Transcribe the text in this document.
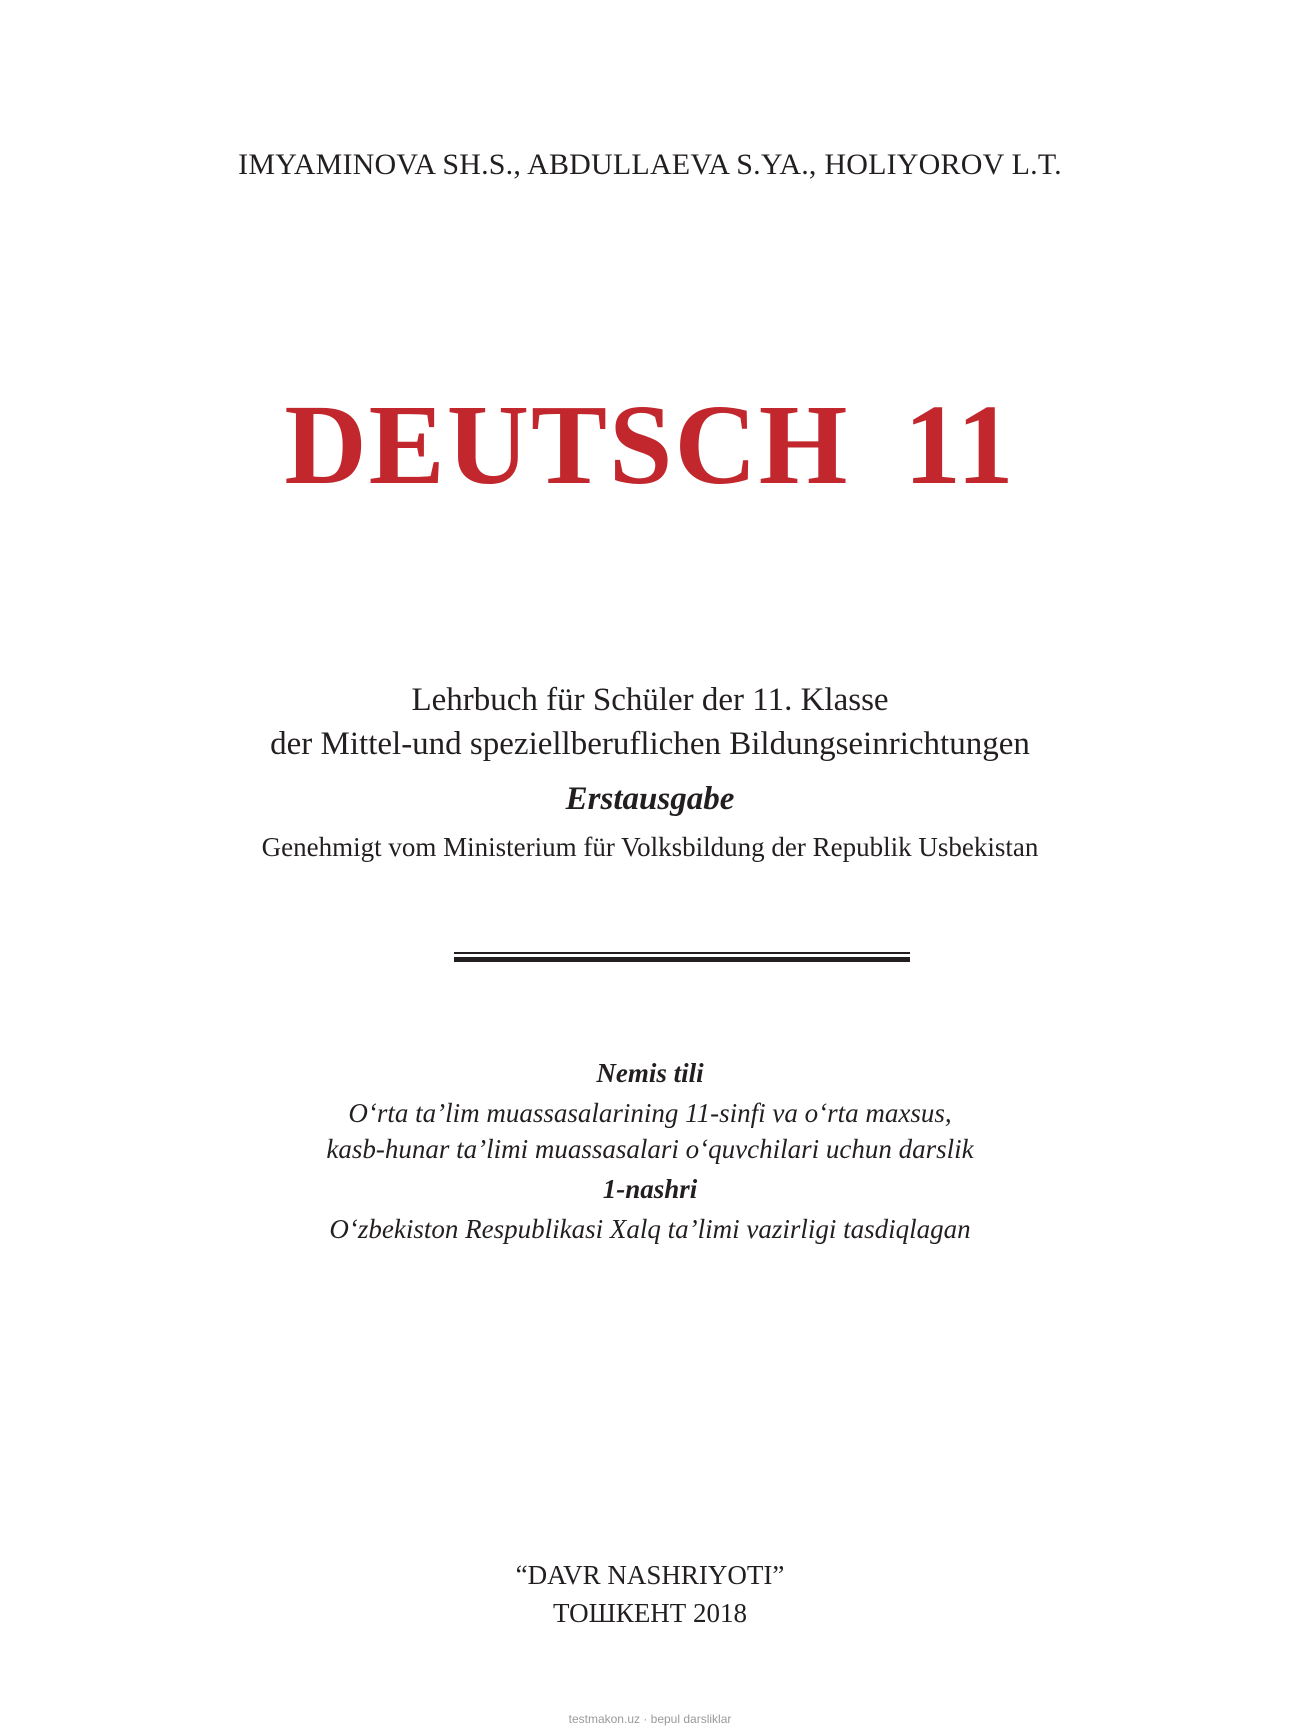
IMYAMINOVA SH.S., ABDULLAEVA S.YA., HOLIYOROV L.T.
DEUTSCH 11
Lehrbuch für Schüler der 11. Klasse
der Mittel-und speziellberuflichen Bildungseinrichtungen
Erstausgabe
Genehmigt vom Ministerium für Volksbildung der Republik Usbekistan
Nemis tili
O‘rta ta’lim muassasalarining 11-sinfi va o‘rta maxsus,
kasb-hunar ta’limi muassasalari o‘quvchilari uchun darslik
1-nashri
O‘zbekiston Respublikasi Xalq ta’limi vazirligi tasdiqlagan
“DAVR NASHRIYOTI”
ТОШКЕНТ 2018
testmakon.uz · bepul darsliklar
